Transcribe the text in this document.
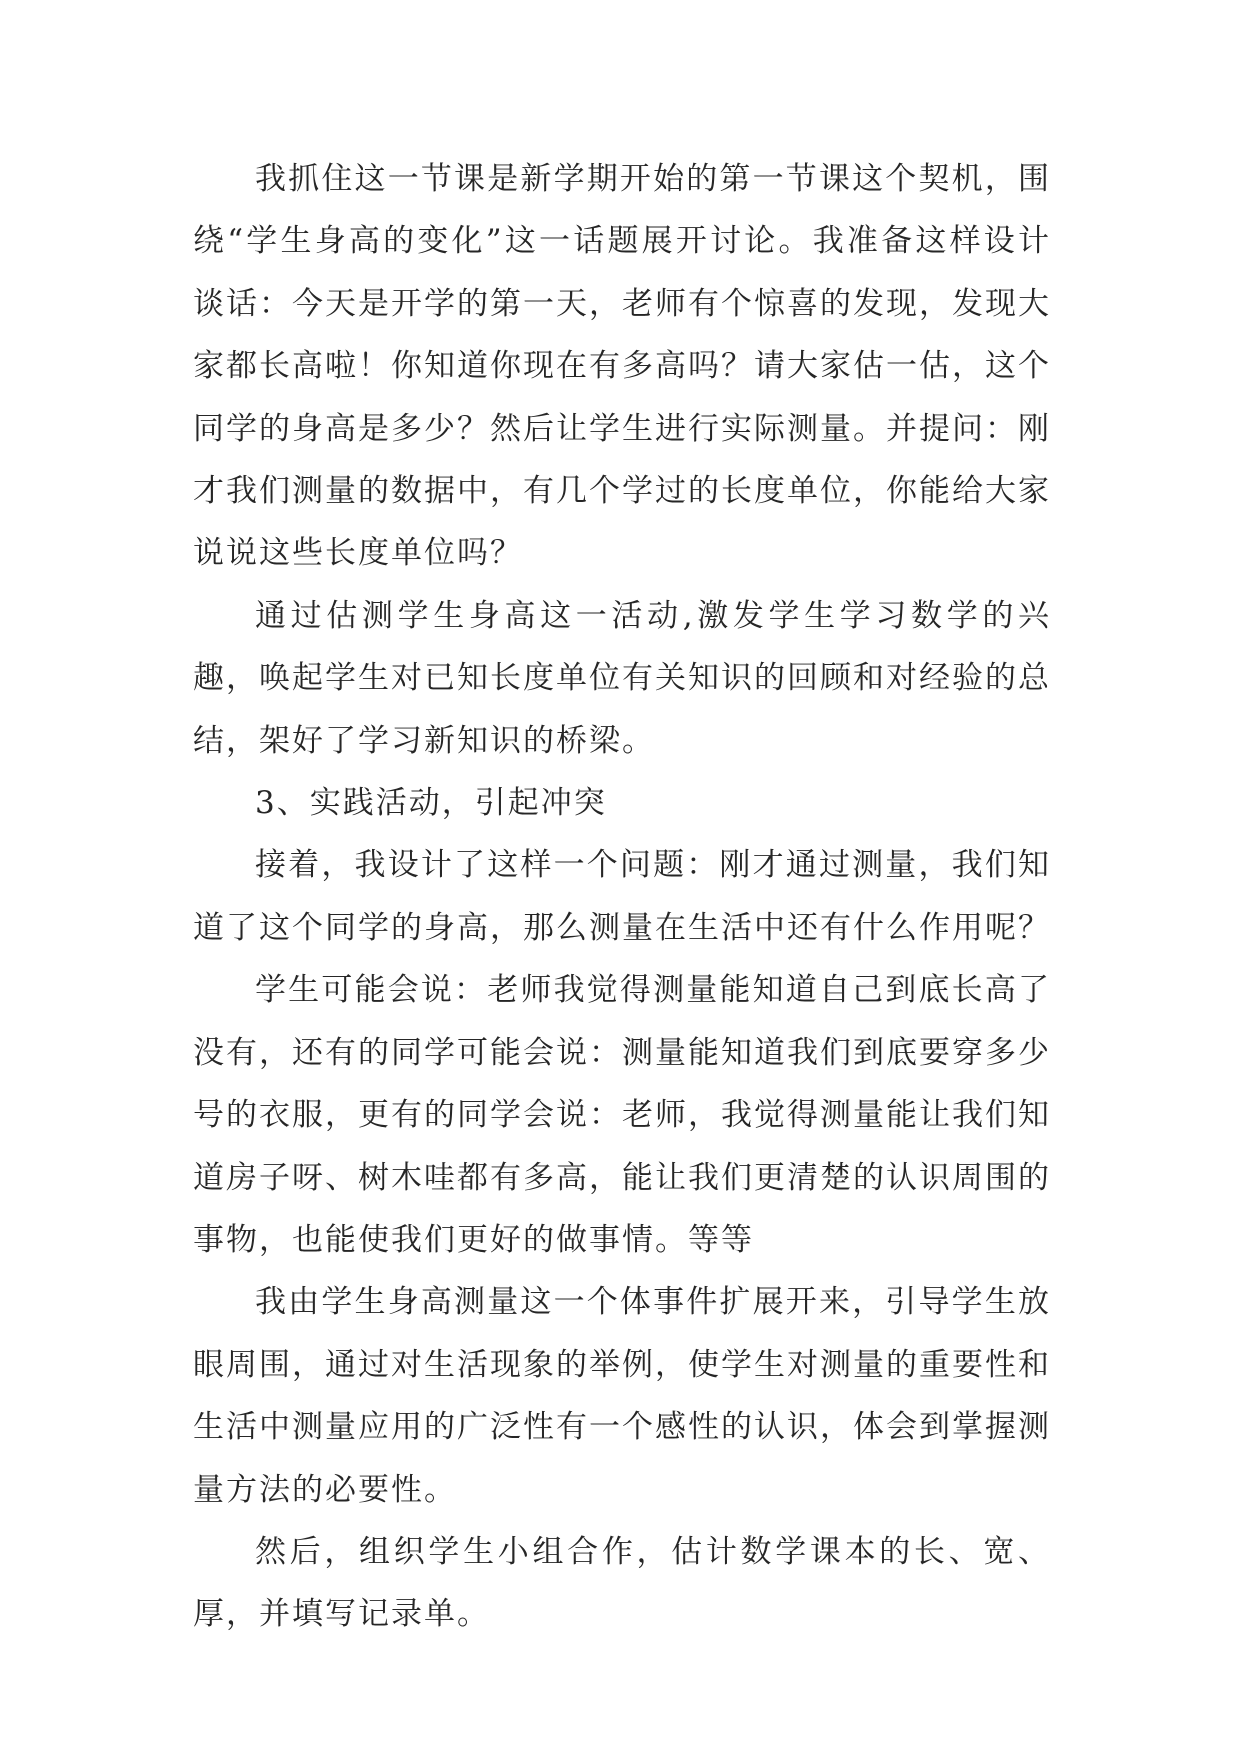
我抓住这一节课是新学期开始的第一节课这个契机，围绕“学生身高的变化”这一话题展开讨论。我准备这样设计谈话：今天是开学的第一天，老师有个惊喜的发现，发现大家都长高啦！你知道你现在有多高吗？请大家估一估，这个同学的身高是多少？然后让学生进行实际测量。并提问：刚才我们测量的数据中，有几个学过的长度单位，你能给大家说说这些长度单位吗？

通过估测学生身高这一活动,激发学生学习数学的兴趣，唤起学生对已知长度单位有关知识的回顾和对经验的总结，架好了学习新知识的桥梁。

3、实践活动，引起冲突

接着，我设计了这样一个问题：刚才通过测量，我们知道了这个同学的身高，那么测量在生活中还有什么作用呢？

学生可能会说：老师我觉得测量能知道自己到底长高了没有，还有的同学可能会说：测量能知道我们到底要穿多少号的衣服，更有的同学会说：老师，我觉得测量能让我们知道房子呀、树木哇都有多高，能让我们更清楚的认识周围的事物，也能使我们更好的做事情。等等

我由学生身高测量这一个体事件扩展开来，引导学生放眼周围，通过对生活现象的举例，使学生对测量的重要性和生活中测量应用的广泛性有一个感性的认识，体会到掌握测量方法的必要性。

然后，组织学生小组合作，估计数学课本的长、宽、厚，并填写记录单。
